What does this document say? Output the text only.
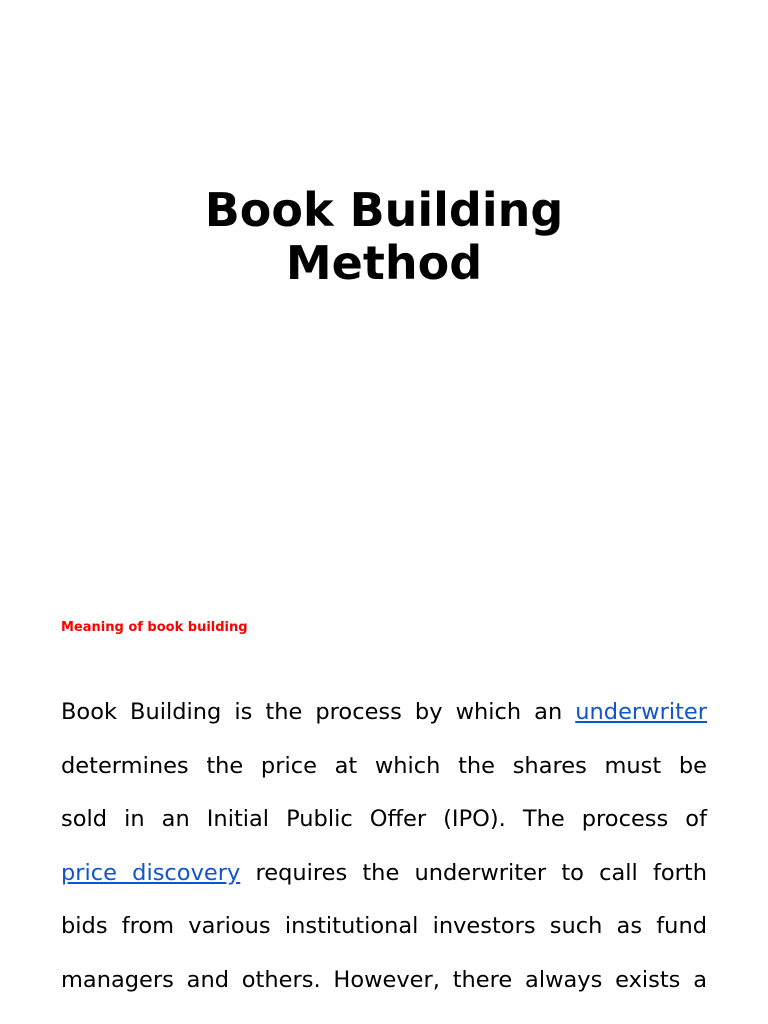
Book Building
Method
Meaning of book building
Book Building is the process by which an underwriter
determines the price at which the shares must be
sold in an Initial Public Offer (IPO). The process of
price discovery requires the underwriter to call forth
bids from various institutional investors such as fund
managers and others. However, there always exists a
